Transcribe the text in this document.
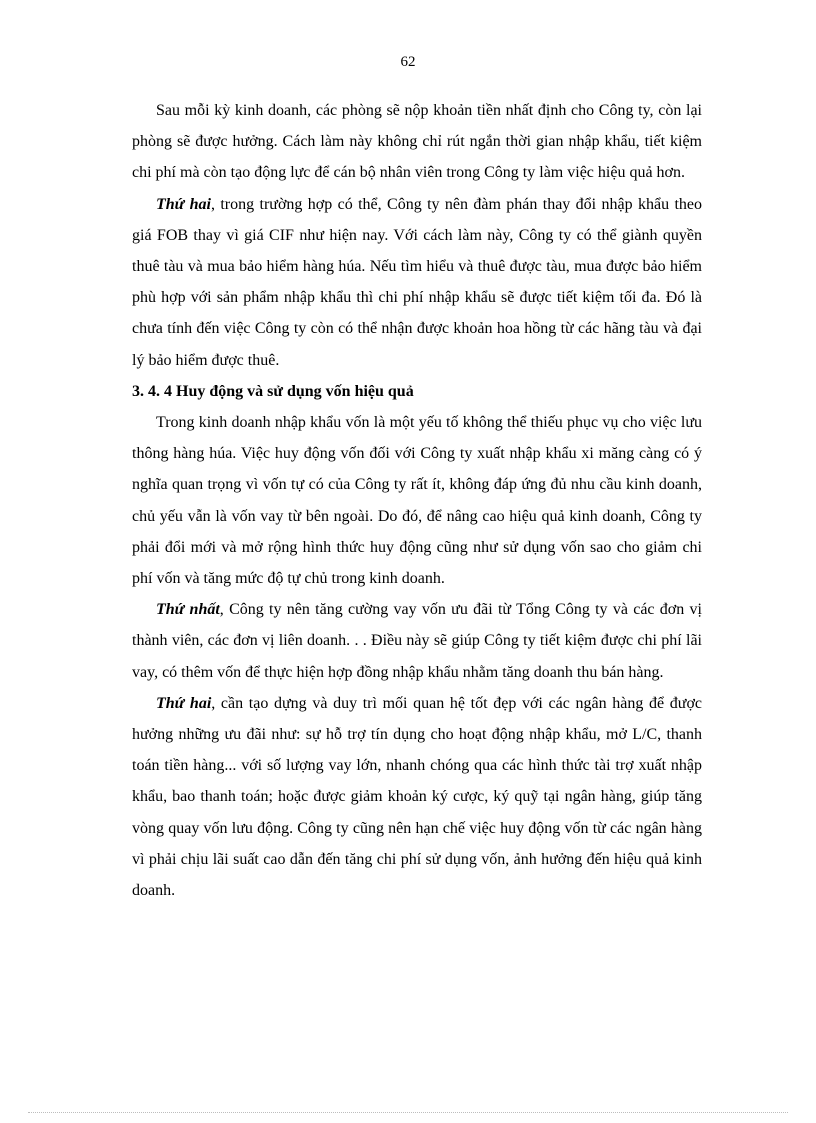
62

Sau mỗi kỳ kinh doanh, các phòng sẽ nộp khoản tiền nhất định cho Công ty, còn lại phòng sẽ được hưởng. Cách làm này không chỉ rút ngắn thời gian nhập khẩu, tiết kiệm chi phí mà còn tạo động lực để cán bộ nhân viên trong Công ty làm việc hiệu quả hơn.

Thứ hai, trong trường hợp có thể, Công ty nên đàm phán thay đổi nhập khẩu theo giá FOB thay vì giá CIF như hiện nay. Với cách làm này, Công ty có thể giành quyền thuê tàu và mua bảo hiểm hàng húa. Nếu tìm hiểu và thuê được tàu, mua được bảo hiểm phù hợp với sản phẩm nhập khẩu thì chi phí nhập khẩu sẽ được tiết kiệm tối đa. Đó là chưa tính đến việc Công ty còn có thể nhận được khoản hoa hồng từ các hãng tàu và đại lý bảo hiểm được thuê.

3. 4. 4 Huy động và sử dụng vốn hiệu quả

Trong kinh doanh nhập khẩu vốn là một yếu tố không thể thiếu phục vụ cho việc lưu thông hàng húa. Việc huy động vốn đối với Công ty xuất nhập khẩu xi măng càng có ý nghĩa quan trọng vì vốn tự có của Công ty rất ít, không đáp ứng đủ nhu cầu kinh doanh, chủ yếu vẫn là vốn vay từ bên ngoài. Do đó, để nâng cao hiệu quả kinh doanh, Công ty phải đổi mới và mở rộng hình thức huy động cũng như sử dụng vốn sao cho giảm chi phí vốn và tăng mức độ tự chủ trong kinh doanh.

Thứ nhất, Công ty nên tăng cường vay vốn ưu đãi từ Tổng Công ty và các đơn vị thành viên, các đơn vị liên doanh. . . Điều này sẽ giúp Công ty tiết kiệm được chi phí lãi vay, có thêm vốn để thực hiện hợp đồng nhập khẩu nhằm tăng doanh thu bán hàng.

Thứ hai, cần tạo dựng và duy trì mối quan hệ tốt đẹp với các ngân hàng để được hưởng những ưu đãi như: sự hỗ trợ tín dụng cho hoạt động nhập khẩu, mở L/C, thanh toán tiền hàng... với số lượng vay lớn, nhanh chóng qua các hình thức tài trợ xuất nhập khẩu, bao thanh toán; hoặc được giảm khoản ký cược, ký quỹ tại ngân hàng, giúp tăng vòng quay vốn lưu động. Công ty cũng nên hạn chế việc huy động vốn từ các ngân hàng vì phải chịu lãi suất cao dẫn đến tăng chi phí sử dụng vốn, ảnh hưởng đến hiệu quả kinh doanh.
